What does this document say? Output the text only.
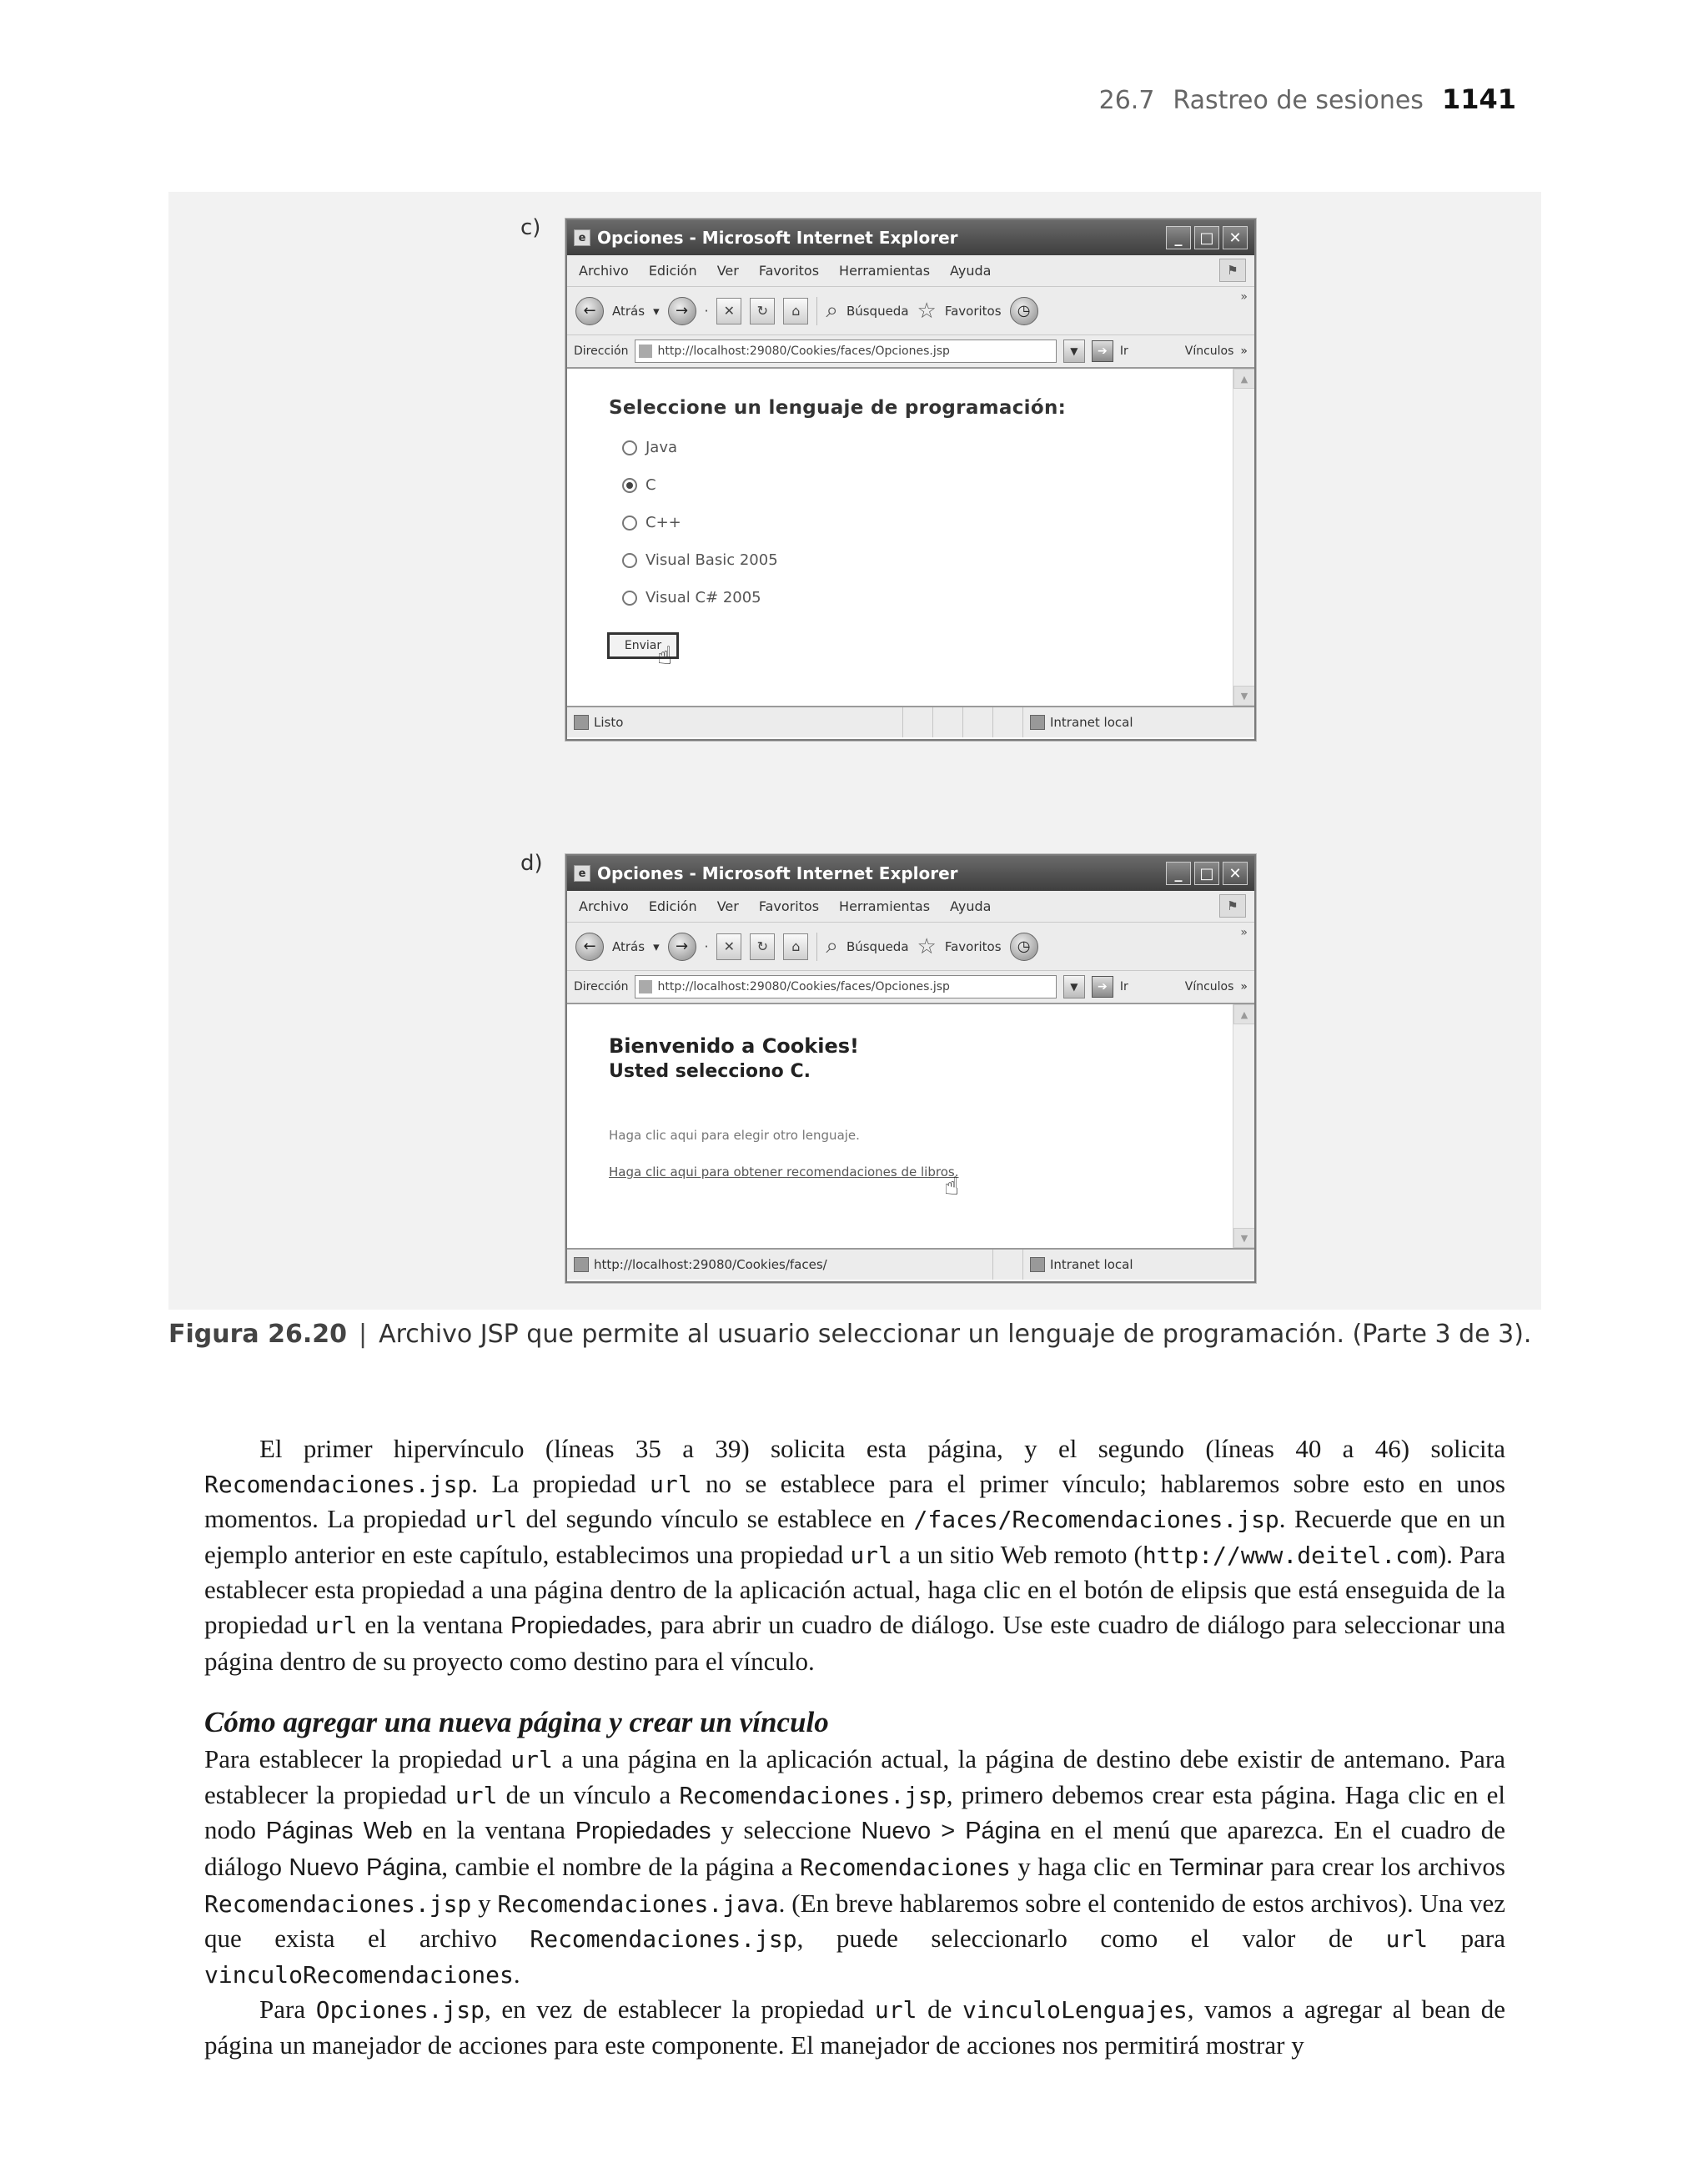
26.7 Rastreo de sesiones 1141
c)	e Opciones - Microsoft Internet Explorer	_	□ ✕
Archivo Edición Ver Favoritos Herramientas Ayuda	⚑
←	Atrás ▾	→	·	✕	↻	⌂	⌕ Búsqueda ☆ Favoritos	◷
»
Dirección	http://localhost:29080/Cookies/faces/Opciones.jsp	▼	➔	Ir	Vínculos »
Seleccione un lenguaje de programación:
Java
C
C++
Visual Basic 2005
Visual C# 2005
Enviar
☝
▲
▼
Listo	Intranet local
d)	e Opciones - Microsoft Internet Explorer	_	□ ✕
Archivo Edición Ver Favoritos Herramientas Ayuda	⚑
←	Atrás ▾	→	·	✕	↻	⌂	⌕ Búsqueda ☆ Favoritos	◷
»
Dirección	http://localhost:29080/Cookies/faces/Opciones.jsp	▼	➔	Ir	Vínculos »
Bienvenido a Cookies!
Usted selecciono C.
Haga clic aqui para elegir otro lenguaje.
Haga clic aqui para obtener recomendaciones de libros.
☝
▲
▼
http://localhost:29080/Cookies/faces/	Intranet local
Figura 26.20 | Archivo JSP que permite al usuario seleccionar un lenguaje de programación. (Parte 3 de 3).

El primer hipervínculo (líneas 35 a 39) solicita esta página, y el segundo (líneas 40 a 46) solicita Recomendaciones.jsp. La propiedad url no se establece para el primer vínculo; hablaremos sobre esto en unos momentos. La propiedad url del segundo vínculo se establece en /faces/Recomendaciones.jsp. Recuerde que en un ejemplo anterior en este capítulo, establecimos una propiedad url a un sitio Web remoto (http://www.deitel.com). Para establecer esta propiedad a una página dentro de la aplicación actual, haga clic en el botón de elipsis que está enseguida de la propiedad url en la ventana Propiedades, para abrir un cuadro de diálogo. Use este cuadro de diálogo para seleccionar una página dentro de su proyecto como destino para el vínculo.

Cómo agregar una nueva página y crear un vínculo

Para establecer la propiedad url a una página en la aplicación actual, la página de destino debe existir de antemano. Para establecer la propiedad url de un vínculo a Recomendaciones.jsp, primero debemos crear esta página. Haga clic en el nodo Páginas Web en la ventana Propiedades y seleccione Nuevo > Página en el menú que aparezca. En el cuadro de diálogo Nuevo Página, cambie el nombre de la página a Recomendaciones y haga clic en Terminar para crear los archivos Recomendaciones.jsp y Recomendaciones.java. (En breve hablaremos sobre el contenido de estos archivos). Una vez que exista el archivo Recomendaciones.jsp, puede seleccionarlo como el valor de url para vinculoRecomendaciones.

Para Opciones.jsp, en vez de establecer la propiedad url de vinculoLenguajes, vamos a agregar al bean de página un manejador de acciones para este componente. El manejador de acciones nos permitirá mostrar y
